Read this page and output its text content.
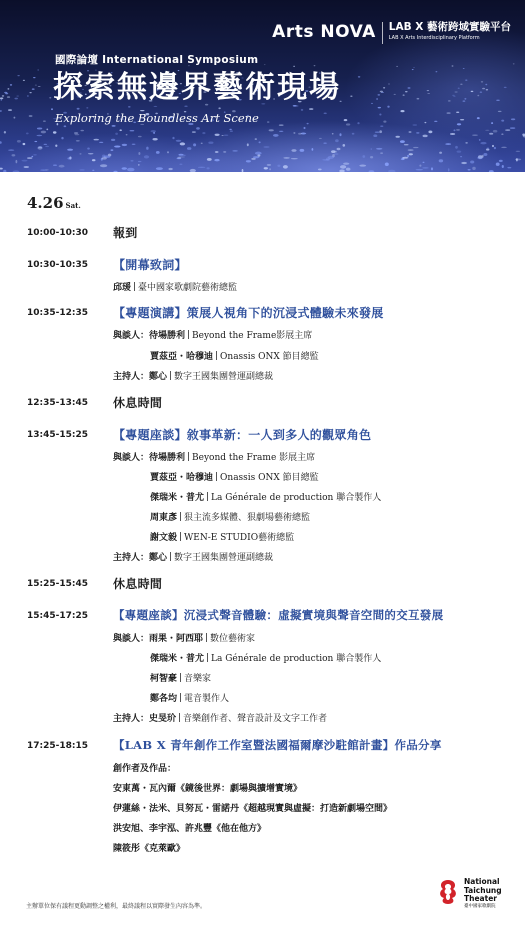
Arts NOVA LAB X 藝術跨域實驗平台
LAB X Arts Interdisciplinary Platform
國際論壇 International Symposium
探索無邊界藝術現場
Exploring the Boundless Art Scene
4.26 Sat.
10:00-10:30 報到
10:30-10:35 【開幕致詞】
邱瑗 臺中國家歌劇院藝術總監
10:35-12:35 【專題演講】策展人視角下的沉浸式體驗未來發展
與談人：待場勝利 Beyond the Frame影展主席
賈茲亞・哈穆迪 Onassis ONX 節目總監
主持人：鄭心 數字王國集團營運副總裁
12:35-13:45 休息時間
13:45-15:25 【專題座談】敘事革新：一人到多人的觀眾角色
與談人：待場勝利 Beyond the Frame 影展主席
賈茲亞・哈穆迪 Onassis ONX 節目總監
傑瑞米・普尤 La Générale de production 聯合製作人
周東彥 狠主流多媒體、狠劇場藝術總監
謝文毅 WEN-E STUDIO藝術總監
主持人：鄭心 數字王國集團營運副總裁
15:25-15:45 休息時間
15:45-17:25 【專題座談】沉浸式聲音體驗：虛擬實境與聲音空間的交互發展
與談人：雨果・阿西耶 數位藝術家
傑瑞米・普尤 La Générale de production 聯合製作人
柯智豪 音樂家
鄭各均 電音製作人
主持人：史旻玠 音樂創作者、聲音設計及文字工作者
17:25-18:15 【LAB X 青年創作工作室暨法國福爾摩沙駐館計畫】作品分享
創作者及作品：
安東萬・瓦內爾《鏡後世界：劇場與擴增實境》
伊蓮絲・法米、貝努瓦・雷諾丹《超越現實與虛擬：打造新劇場空間》
洪安旭、李宇泓、許兆豐《他在他方》
陳筱彤《克萊歐》
主辦單位保有議程更動調整之權利，最終議程以實際發生內容為準。
National
Taichung
Theater
臺中國家歌劇院
